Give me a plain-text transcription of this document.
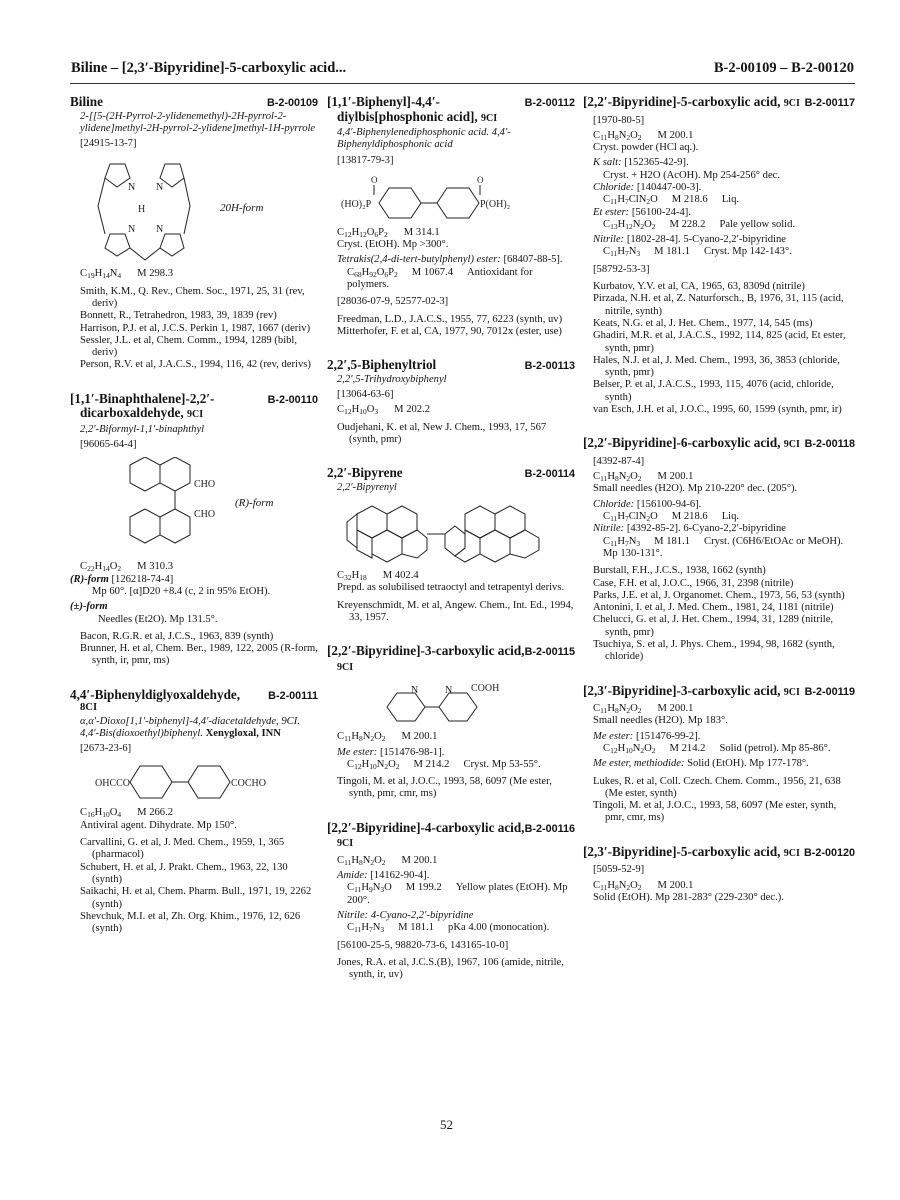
Biline – [2,3′-Bipyridine]-5-carboxylic acid...	B-2-00109 – B-2-00120
Biline	B-2-00109
2-[[5-(2H-Pyrrol-2-ylidenemethyl)-2H-pyrrol-2-ylidene]methyl-2H-pyrrol-2-ylidene]methyl-1H-pyrrole
[24915-13-7]
N N
N N
H	20H-form
$C_{19}H_{14}N_4$ M 298.3
Smith, K.M., Q. Rev., Chem. Soc., 1971, 25, 31 (rev, deriv)
Bonnett, R., Tetrahedron, 1983, 39, 1839 (rev)
Harrison, P.J. et al, J.C.S. Perkin 1, 1987, 1667 (deriv)
Sessler, J.L. et al, Chem. Comm., 1994, 1289 (bibl, deriv)
Person, R.V. et al, J.A.C.S., 1994, 116, 42 (rev, derivs)
[1,1′-Binaphthalene]-2,2′-dicarboxaldehyde, 9CI
B-2-00110
2,2′-Biformyl-1,1′-binaphthyl
[96065-64-4]
CHO
CHO
(R)-form
$C_{22}H_{14}O_2$ M 310.3
(R)-form [126218-74-4]
Mp 60°. [α]D20 +8.4 (c, 2 in 95% EtOH).
(±)-form
Needles (Et2O). Mp 131.5°.
Bacon, R.G.R. et al, J.C.S., 1963, 839 (synth)
Brunner, H. et al, Chem. Ber., 1989, 122, 2005 (R-form, synth, ir, pmr, ms)
4,4′-Biphenyldiglyoxaldehyde,	B-2-00111
8CI
α,α′-Dioxo[1,1′-biphenyl]-4,4′-diacetaldehyde, 9CI. 4,4′-Bis(dioxoethyl)biphenyl. Xenygloxal, INN
[2673-23-6]
OHCCO	COCHO
$C_{16}H_{10}O_4$ M 266.2
Antiviral agent. Dihydrate. Mp 150°.
Carvallini, G. et al, J. Med. Chem., 1959, 1, 365 (pharmacol)
Schubert, H. et al, J. Prakt. Chem., 1963, 22, 130 (synth)
Saikachi, H. et al, Chem. Pharm. Bull., 1971, 19, 2262 (synth)
Shevchuk, M.I. et al, Zh. Org. Khim., 1976, 12, 626 (synth)
[1,1′-Biphenyl]-4,4′-diylbis[phosphonic acid], 9CI
B-2-00112
4,4′-Biphenylenediphosphonic acid. 4,4′-Biphenyldiphosphonic acid
[13817-79-3]
(HO)₂P
O	O
P(OH)₂
$C_{12}H_{12}O_6P_2$ M 314.1
Cryst. (EtOH). Mp >300°.
Tetrakis(2,4-di-tert-butylphenyl) ester: [68407-88-5].
$C_{68}H_{92}O_6P_2$ M 1067.4 Antioxidant for polymers.
[28036-07-9, 52577-02-3]
Freedman, L.D., J.A.C.S., 1955, 77, 6223 (synth, uv)
Mitterhofer, F. et al, CA, 1977, 90, 7012x (ester, use)
2,2′,5-Biphenyltriol	B-2-00113
2,2′,5-Trihydroxybiphenyl
[13064-63-6]
$C_{12}H_{10}O_3$ M 202.2
Oudjehani, K. et al, New J. Chem., 1993, 17, 567 (synth, pmr)
2,2′-Bipyrene	B-2-00114
2,2′-Bipyrenyl
$C_{32}H_{18}$ M 402.4
Prepd. as solubilised tetraoctyl and tetrapentyl derivs.
Kreyenschmidt, M. et al, Angew. Chem., Int. Ed., 1994, 33, 1957.
[2,2′-Bipyridine]-3-carboxylic acid, 9CI
B-2-00115
N	N COOH
$C_{11}H_8N_2O_2$ M 200.1
Me ester: [151476-98-1].
$C_{12}H_{10}N_2O_2$ M 214.2 Cryst. Mp 53-55°.
Tingoli, M. et al, J.O.C., 1993, 58, 6097 (Me ester, synth, pmr, cmr, ms)
[2,2′-Bipyridine]-4-carboxylic acid, 9CI
B-2-00116
$C_{11}H_8N_2O_2$ M 200.1
Amide: [14162-90-4].
$C_{11}H_9N_3O$ M 199.2 Yellow plates (EtOH). Mp 200°.
Nitrile: 4-Cyano-2,2′-bipyridine
$C_{11}H_7N_3$ M 181.1 pKa 4.00 (monocation).
[56100-25-5, 98820-73-6, 143165-10-0]
Jones, R.A. et al, J.C.S.(B), 1967, 106 (amide, nitrile, synth, ir, uv)
[2,2′-Bipyridine]-5-carboxylic acid, 9CI B-2-00117
[1970-80-5]
$C_{11}H_8N_2O_2$ M 200.1
Cryst. powder (HCl aq.).
K salt: [152365-42-9].
Cryst. + H2O (AcOH). Mp 254-256° dec.
Chloride: [140447-00-3].
$C_{11}H_7ClN_2O$ M 218.6 Liq.
Et ester: [56100-24-4].
$C_{13}H_{12}N_2O_2$ M 228.2 Pale yellow solid.
Nitrile: [1802-28-4]. 5-Cyano-2,2′-bipyridine
$C_{11}H_7N_3$ M 181.1 Cryst. Mp 142-143°.
[58792-53-3]
Kurbatov, Y.V. et al, CA, 1965, 63, 8309d (nitrile)
Pirzada, N.H. et al, Z. Naturforsch., B, 1976, 31, 115 (acid, nitrile, synth)
Keats, N.G. et al, J. Het. Chem., 1977, 14, 545 (ms)
Ghadiri, M.R. et al, J.A.C.S., 1992, 114, 825 (acid, Et ester, synth, pmr)
Hales, N.J. et al, J. Med. Chem., 1993, 36, 3853 (chloride, synth, pmr)
Belser, P. et al, J.A.C.S., 1993, 115, 4076 (acid, chloride, synth)
van Esch, J.H. et al, J.O.C., 1995, 60, 1599 (synth, pmr, ir)
[2,2′-Bipyridine]-6-carboxylic acid, 9CI B-2-00118
[4392-87-4]
$C_{11}H_8N_2O_2$ M 200.1
Small needles (H2O). Mp 210-220° dec. (205°).
Chloride: [156100-94-6].
$C_{11}H_7ClN_2O$ M 218.6 Liq.
Nitrile: [4392-85-2]. 6-Cyano-2,2′-bipyridine
$C_{11}H_7N_3$ M 181.1 Cryst. (C6H6/EtOAc or MeOH). Mp 130-131°.
Burstall, F.H., J.C.S., 1938, 1662 (synth)
Case, F.H. et al, J.O.C., 1966, 31, 2398 (nitrile)
Parks, J.E. et al, J. Organomet. Chem., 1973, 56, 53 (synth)
Antonini, I. et al, J. Med. Chem., 1981, 24, 1181 (nitrile)
Chelucci, G. et al, J. Het. Chem., 1994, 31, 1289 (nitrile, synth, pmr)
Tsuchiya, S. et al, J. Phys. Chem., 1994, 98, 1682 (synth, chloride)
[2,3′-Bipyridine]-3-carboxylic acid, 9CI B-2-00119
$C_{11}H_8N_2O_2$ M 200.1
Small needles (H2O). Mp 183°.
Me ester: [151476-99-2].
$C_{12}H_{10}N_2O_2$ M 214.2 Solid (petrol). Mp 85-86°.
Me ester, methiodide: Solid (EtOH). Mp 177-178°.
Lukes, R. et al, Coll. Czech. Chem. Comm., 1956, 21, 638 (Me ester, synth)
Tingoli, M. et al, J.O.C., 1993, 58, 6097 (Me ester, synth, pmr, cmr, ms)
[2,3′-Bipyridine]-5-carboxylic acid, 9CI B-2-00120
[5059-52-9]
$C_{11}H_8N_2O_2$ M 200.1
Solid (EtOH). Mp 281-283° (229-230° dec.).
52
